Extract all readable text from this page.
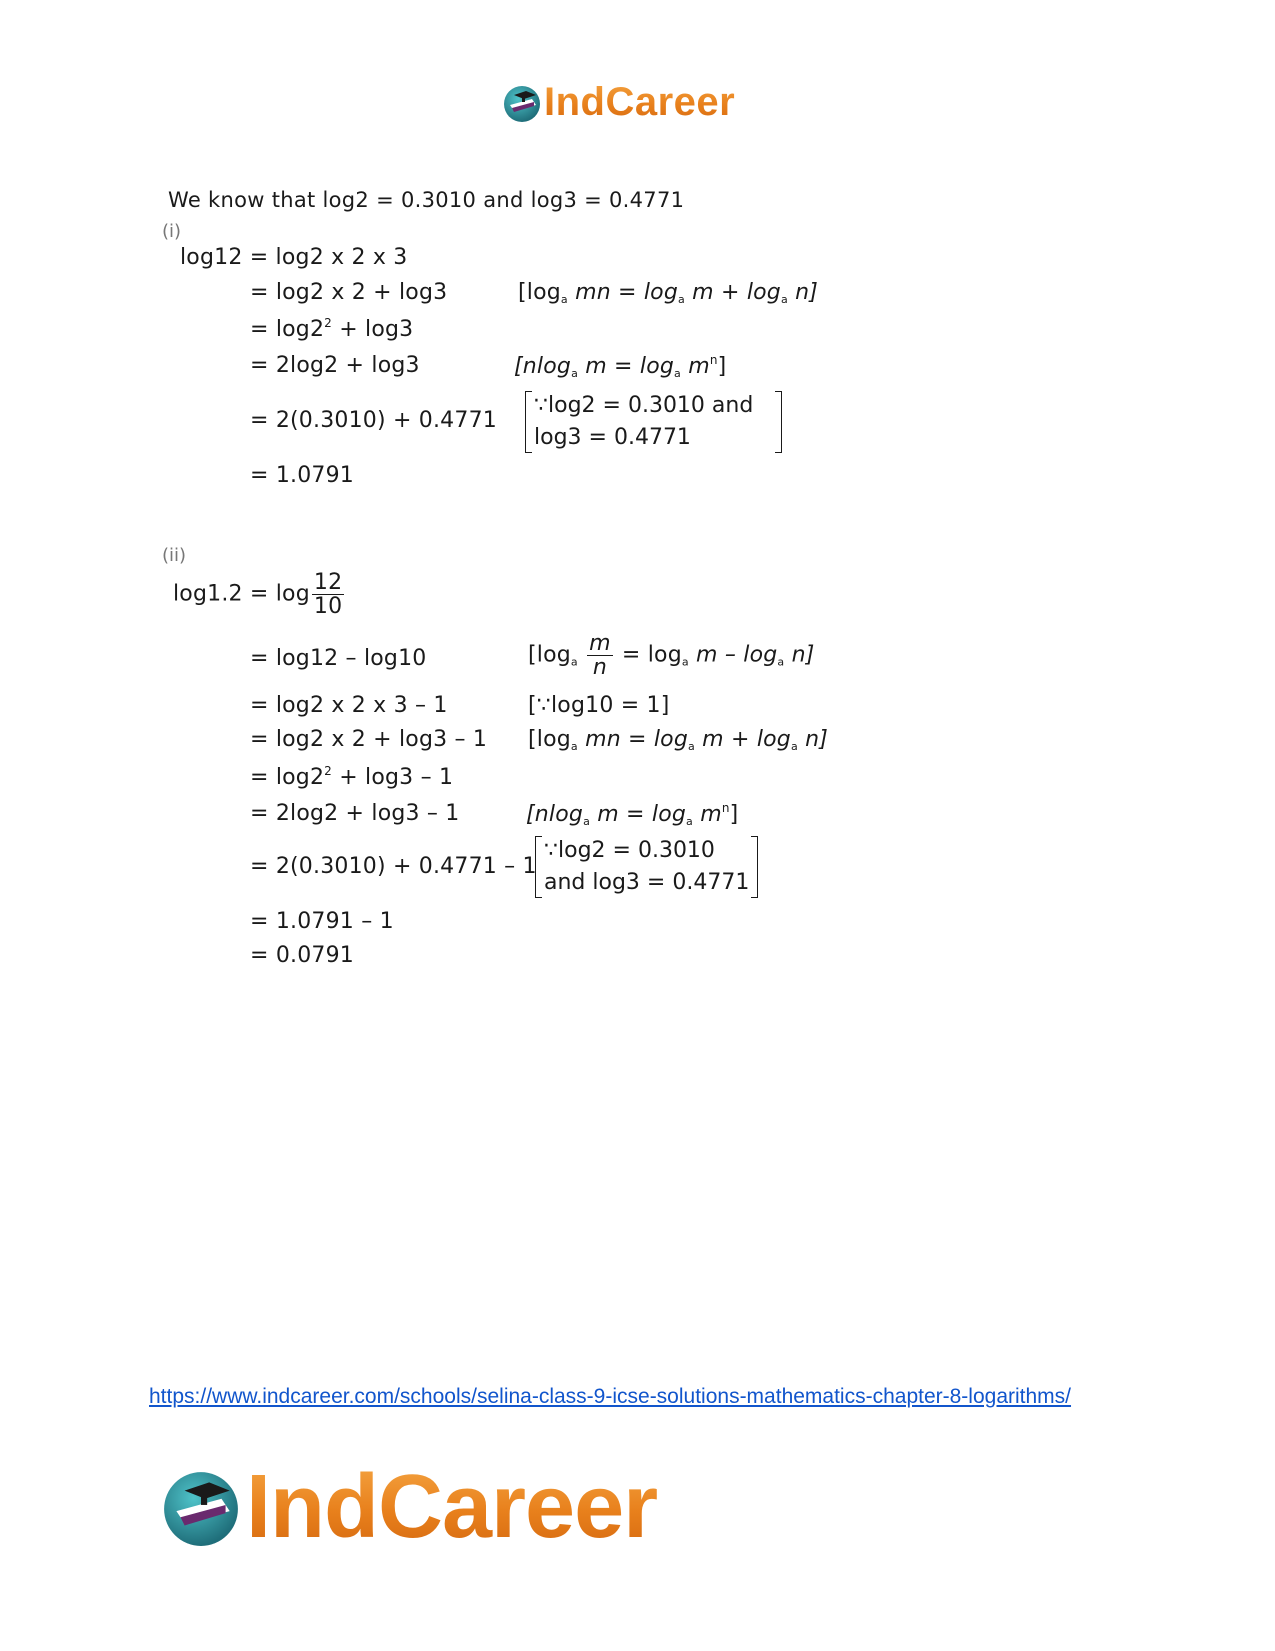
IndCareer
We know that log2 = 0.3010 and log3 = 0.4771
(i)
log12 = log2 x 2 x 3
= log2 x 2 + log3	[$\log_a$ mn = $\log_a m + \log_a n$]
= $\log 2^2 + \log 3$
= 2log2 + log3	[nlog$_a$ $m = \log_a m^n$]
= 2(0.3010) + 0.4771
∵log2 = 0.3010 and
log3 = 0.4771
= 1.0791
(ii)
$\log 1.2 = \log \frac{12}{10}$
= log12 – log10	$[\log_a \frac{m}{n} = \log_a m - \log_a n]$
= log2 x 2 x 3 – 1	[∵log10 = 1]
= log2 x 2 + log3 – 1 [$\log_a$ mn = $\log_a m + \log_a n$]
= $\log 2^2 + \log 3 - 1$
= 2log2 + log3 – 1	[nlog$_a$ $m = \log_a m^n$]
= 2(0.3010) + 0.4771 – 1
∵log2 = 0.3010
and log3 = 0.4771
= 1.0791 – 1
= 0.0791
https://www.indcareer.com/schools/selina-class-9-icse-solutions-mathematics-chapter-8-logarithms/
IndCareer
